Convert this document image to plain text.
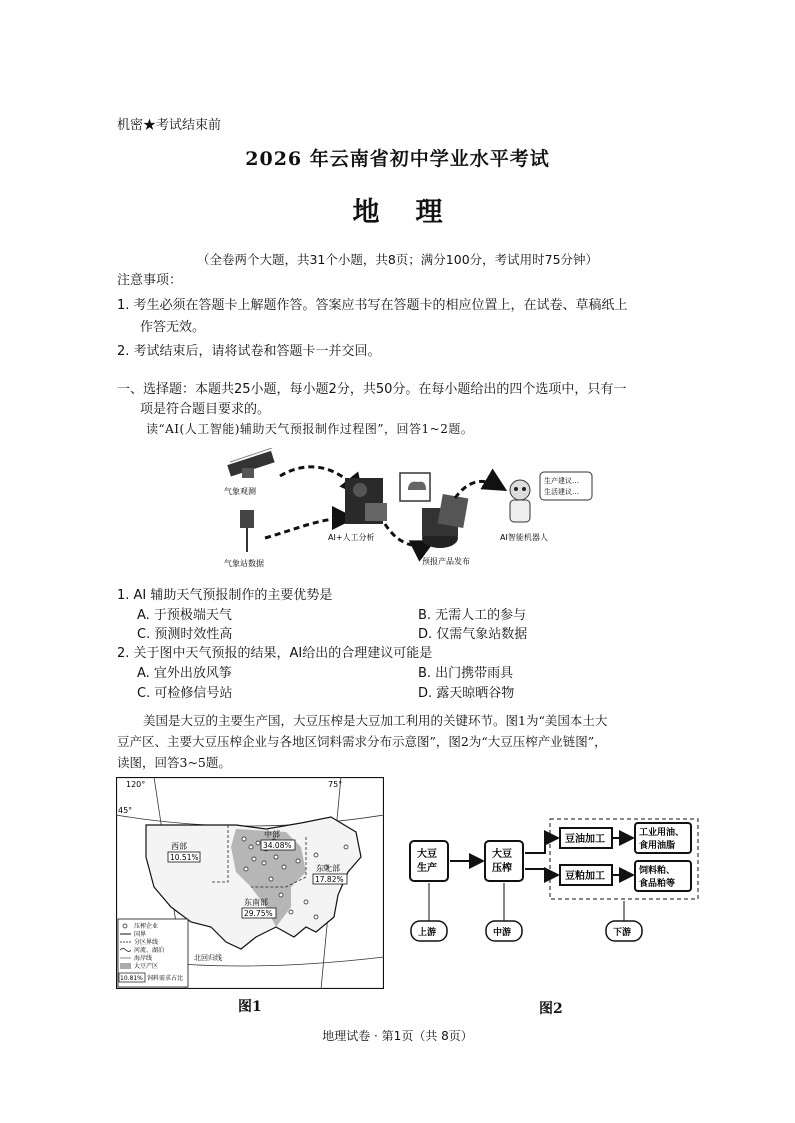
机密★考试结束前
2026 年云南省初中学业水平考试
地 理
（全卷两个大题，共31个小题，共8页；满分100分，考试用时75分钟）
注意事项：
1. 考生必须在答题卡上解题作答。答案应书写在答题卡的相应位置上，在试卷、草稿纸上
作答无效。
2. 考试结束后，请将试卷和答题卡一并交回。
一、选择题：本题共25小题，每小题2分，共50分。在每小题给出的四个选项中，只有一
项是符合题目要求的。
读“AI(人工智能)辅助天气预报制作过程图”，回答1~2题。
气象观测
气象站数据
AI+人工分析
预报产品发布
AI智能机器人
生产建议…
生活建议…
1. AI 辅助天气预报制作的主要优势是
A. 于预极端天气	B. 无需人工的参与
C. 预测时效性高	D. 仅需气象站数据
2. 关于图中天气预报的结果，AI给出的合理建议可能是
A. 宜外出放风筝	B. 出门携带雨具
C. 可检修信号站	D. 露天晾晒谷物
美国是大豆的主要生产国，大豆压榨是大豆加工利用的关键环节。图1为“美国本土大
豆产区、主要大豆压榨企业与各地区饲料需求分布示意图”，图2为“大豆压榨产业链图”，
读图，回答3~5题。
120°	75°
45°
北回归线
西部
10.51%
中部
34.08%
东北部
17.82%
东南部
29.75%
压榨企业
国界
分区界线
河流、湖泊
海岸线
大豆产区
10.81% 饲料需求占比
图1
大豆
生产
大豆
压榨
豆油加工
豆粕加工
工业用油、
食用油脂
饲料粕、
食品粕等
上游	中游	下游
图2
地理试卷 · 第1页（共 8页）
